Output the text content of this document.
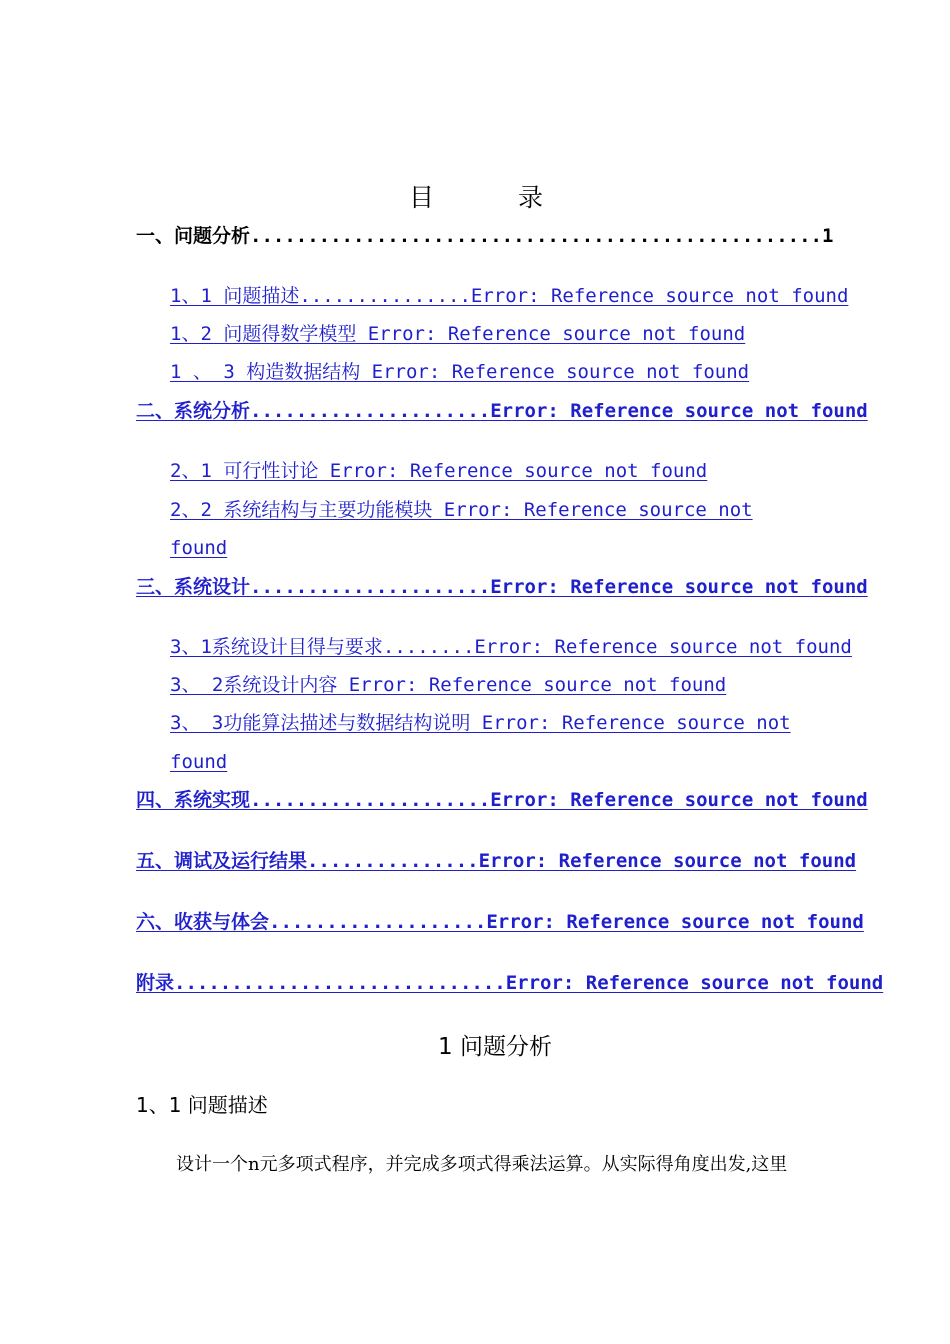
目 录
一、问题分析..................................................1
1、1 问题描述...............Error: Reference source not found
1、2 问题得数学模型 Error: Reference source not found
1 、 3 构造数据结构 Error: Reference source not found
二、系统分析.....................Error: Reference source not found
2、1 可行性讨论 Error: Reference source not found
2、2 系统结构与主要功能模块 Error: Reference source not
found
三、系统设计.....................Error: Reference source not found
3、1系统设计目得与要求........Error: Reference source not found
3、 2系统设计内容 Error: Reference source not found
3、 3功能算法描述与数据结构说明 Error: Reference source not
found
四、系统实现.....................Error: Reference source not found
五、调试及运行结果...............Error: Reference source not found
六、收获与体会...................Error: Reference source not found
附录.............................Error: Reference source not found
1 问题分析
1、1 问题描述
设计一个n元多项式程序，并完成多项式得乘法运算。从实际得角度出发,这里
